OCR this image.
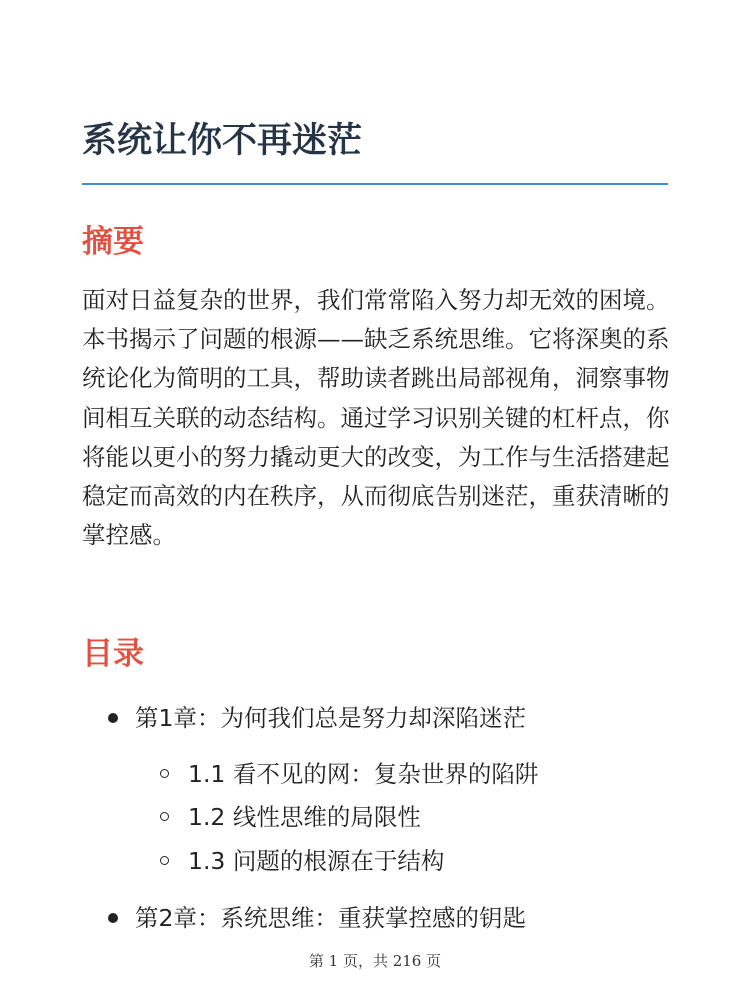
系统让你不再迷茫
摘要

面对日益复杂的世界，我们常常陷入努力却无效的困境。本书揭示了问题的根源——缺乏系统思维。它将深奥的系统论化为简明的工具，帮助读者跳出局部视角，洞察事物间相互关联的动态结构。通过学习识别关键的杠杆点，你将能以更小的努力撬动更大的改变，为工作与生活搭建起稳定而高效的内在秩序，从而彻底告别迷茫，重获清晰的掌控感。

目录
第1章：为何我们总是努力却深陷迷茫
1.1 看不见的网：复杂世界的陷阱
1.2 线性思维的局限性
1.3 问题的根源在于结构
第2章：系统思维：重获掌控感的钥匙
第 1 页，共 216 页
